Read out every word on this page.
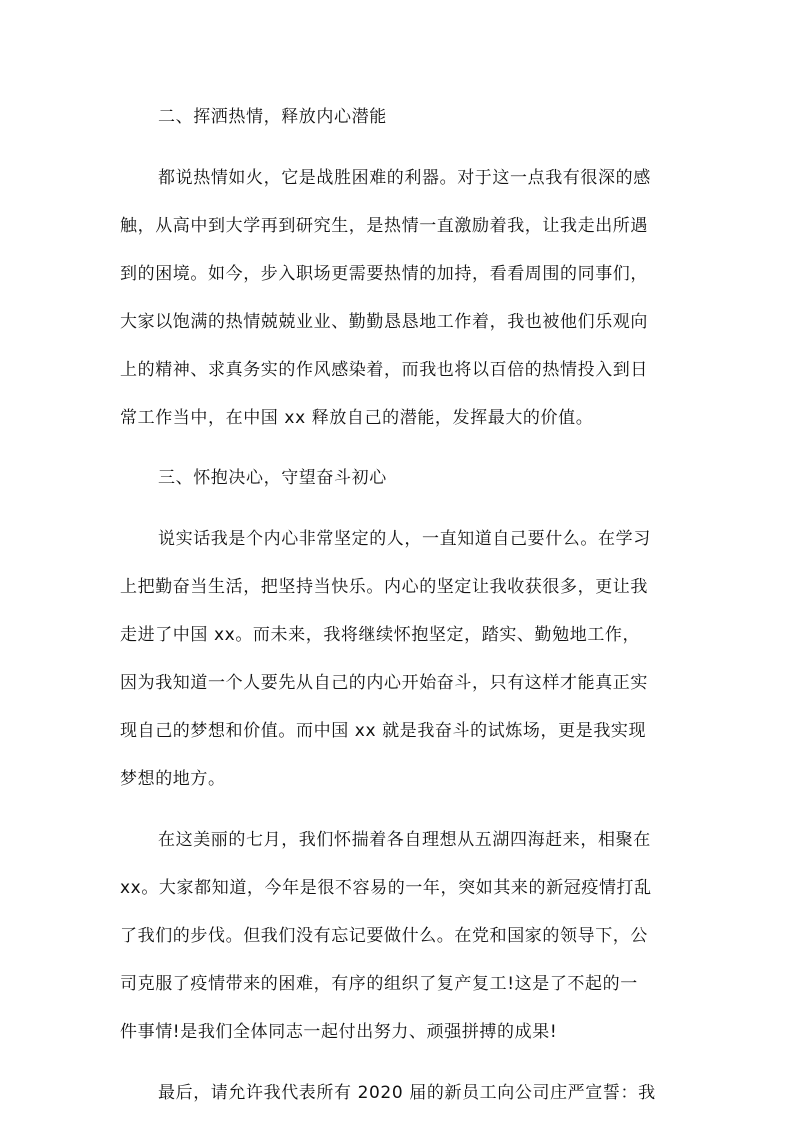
二、挥洒热情，释放内心潜能
都说热情如火，它是战胜困难的利器。对于这一点我有很深的感
触，从高中到大学再到研究生，是热情一直激励着我，让我走出所遇
到的困境。如今，步入职场更需要热情的加持，看看周围的同事们，
大家以饱满的热情兢兢业业、勤勤恳恳地工作着，我也被他们乐观向
上的精神、求真务实的作风感染着，而我也将以百倍的热情投入到日
常工作当中，在中国 xx 释放自己的潜能，发挥最大的价值。
三、怀抱决心，守望奋斗初心
说实话我是个内心非常坚定的人，一直知道自己要什么。在学习
上把勤奋当生活，把坚持当快乐。内心的坚定让我收获很多，更让我
走进了中国 xx。而未来，我将继续怀抱坚定，踏实、勤勉地工作，
因为我知道一个人要先从自己的内心开始奋斗，只有这样才能真正实
现自己的梦想和价值。而中国 xx 就是我奋斗的试炼场，更是我实现
梦想的地方。
在这美丽的七月，我们怀揣着各自理想从五湖四海赶来，相聚在
xx。大家都知道，今年是很不容易的一年，突如其来的新冠疫情打乱
了我们的步伐。但我们没有忘记要做什么。在党和国家的领导下，公
司克服了疫情带来的困难，有序的组织了复产复工!这是了不起的一
件事情!是我们全体同志一起付出努力、顽强拼搏的成果!
最后，请允许我代表所有 2020 届的新员工向公司庄严宣誓：我
